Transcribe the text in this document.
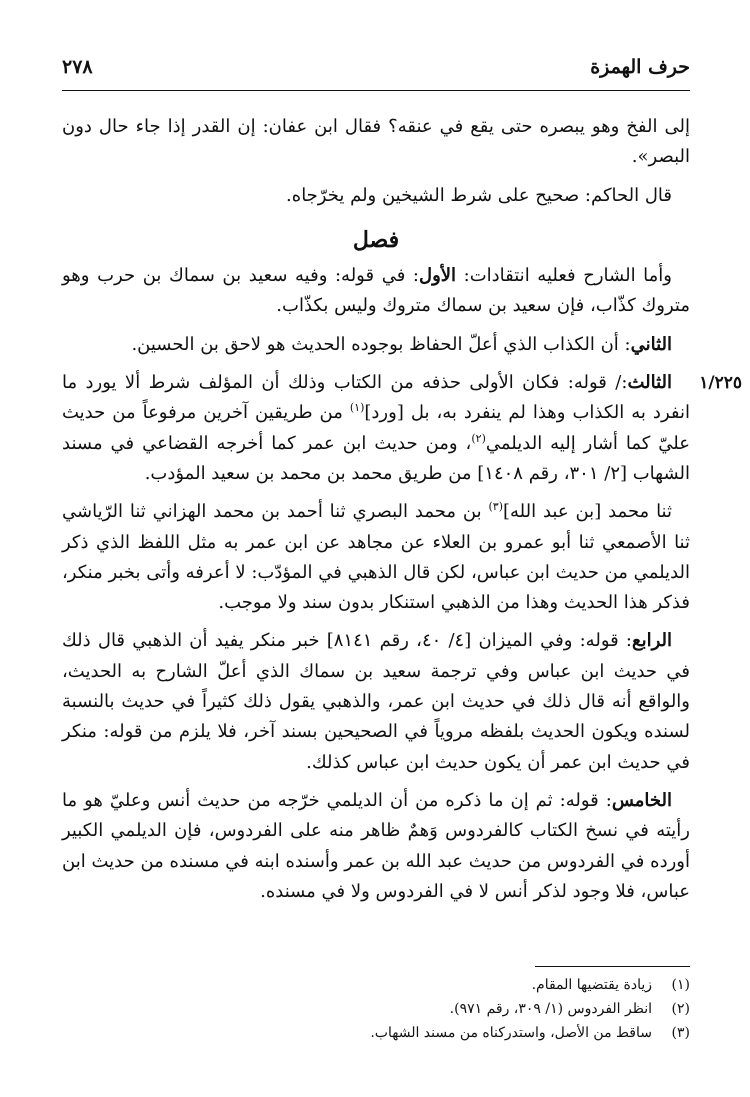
حرف الهمزة
٢٧٨

إلى الفخ وهو يبصره حتى يقع في عنقه؟ فقال ابن عفان: إن القدر إذا جاء حال دون البصر».

قال الحاكم: صحيح على شرط الشيخين ولم يخرّجاه.

فصل

وأما الشارح فعليه انتقادات: الأول: في قوله: وفيه سعيد بن سماك بن حرب وهو متروك كذّاب، فإن سعيد بن سماك متروك وليس بكذّاب.

الثاني: أن الكذاب الذي أعلّ الحفاظ بوجوده الحديث هو لاحق بن الحسين.

١/٢٢٥
الثالث:/ قوله: فكان الأولى حذفه من الكتاب وذلك أن المؤلف شرط ألا يورد ما انفرد به الكذاب وهذا لم ينفرد به، بل [ورد]$^{(١)}$ من طريقين آخرين مرفوعاً من حديث عليّ كما أشار إليه الديلمي$^{(٢)}$، ومن حديث ابن عمر كما أخرجه القضاعي في مسند الشهاب [٢/ ٣٠١، رقم ١٤٠٨] من طريق محمد بن محمد بن سعيد المؤدب.

ثنا محمد [بن عبد الله]$^{(٣)}$ بن محمد البصري ثنا أحمد بن محمد الهزاني ثنا الرّياشي ثنا الأصمعي ثنا أبو عمرو بن العلاء عن مجاهد عن ابن عمر به مثل اللفظ الذي ذكر الديلمي من حديث ابن عباس، لكن قال الذهبي في المؤدّب: لا أعرفه وأتى بخبر منكر، فذكر هذا الحديث وهذا من الذهبي استنكار بدون سند ولا موجب.

الرابع: قوله: وفي الميزان [٤/ ٤٠، رقم ٨١٤١] خبر منكر يفيد أن الذهبي قال ذلك في حديث ابن عباس وفي ترجمة سعيد بن سماك الذي أعلّ الشارح به الحديث، والواقع أنه قال ذلك في حديث ابن عمر، والذهبي يقول ذلك كثيراً في حديث بالنسبة لسنده ويكون الحديث بلفظه مروياً في الصحيحين بسند آخر، فلا يلزم من قوله: منكر في حديث ابن عمر أن يكون حديث ابن عباس كذلك.

الخامس: قوله: ثم إن ما ذكره من أن الديلمي خرّجه من حديث أنس وعليّ هو ما رأيته في نسخ الكتاب كالفردوس وَهمٌ ظاهر منه على الفردوس، فإن الديلمي الكبير أورده في الفردوس من حديث عبد الله بن عمر وأسنده ابنه في مسنده من حديث ابن عباس، فلا وجود لذكر أنس لا في الفردوس ولا في مسنده.

(١)
زيادة يقتضيها المقام.
(٢)
انظر الفردوس (١/ ٣٠٩، رقم ٩٧١).
(٣)
ساقط من الأصل، واستدركناه من مسند الشهاب.
